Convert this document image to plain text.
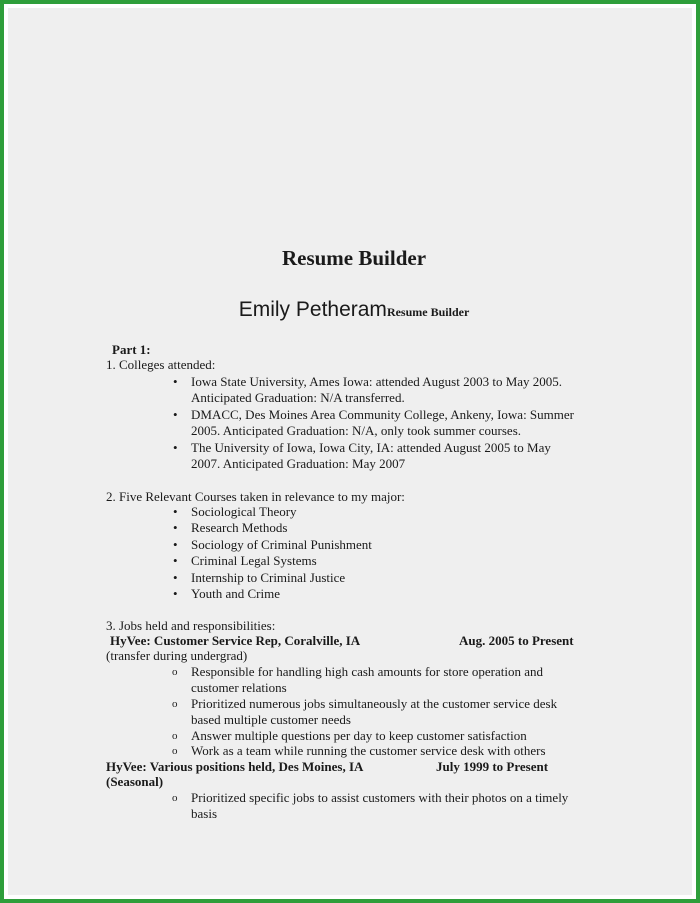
Resume Builder
Emily PetheramResume Builder
Part 1:
1. Colleges attended:
• Iowa State University, Ames Iowa: attended August 2003 to May 2005.
Anticipated Graduation: N/A transferred.
• DMACC, Des Moines Area Community College, Ankeny, Iowa: Summer
2005. Anticipated Graduation: N/A, only took summer courses.
• The University of Iowa, Iowa City, IA: attended August 2005 to May
2007. Anticipated Graduation: May 2007
2. Five Relevant Courses taken in relevance to my major:
• Sociological Theory
• Research Methods
• Sociology of Criminal Punishment
• Criminal Legal Systems
• Internship to Criminal Justice
• Youth and Crime
3. Jobs held and responsibilities:
HyVee: Customer Service Rep, Coralville, IA	Aug. 2005 to Present
(transfer during undergrad)
o Responsible for handling high cash amounts for store operation and
customer relations
o Prioritized numerous jobs simultaneously at the customer service desk
based multiple customer needs
o Answer multiple questions per day to keep customer satisfaction
o Work as a team while running the customer service desk with others
HyVee: Various positions held, Des Moines, IA	July 1999 to Present
(Seasonal)
o Prioritized specific jobs to assist customers with their photos on a timely
basis
